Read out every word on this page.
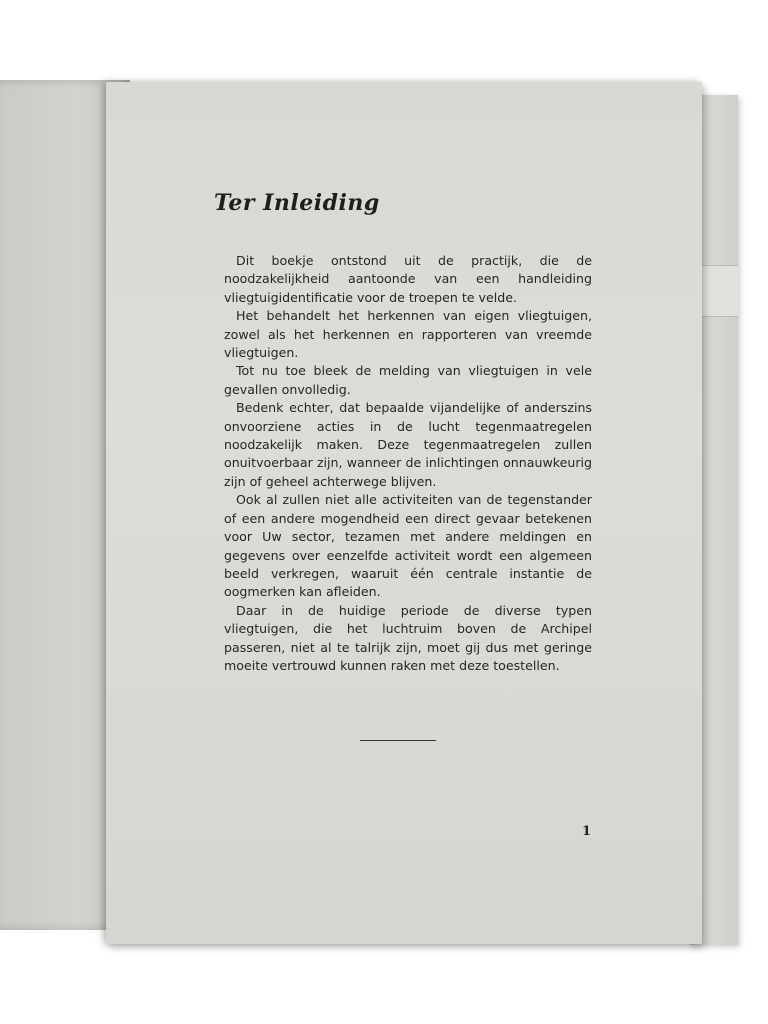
Ter Inleiding

Dit boekje ontstond uit de practijk, die de noodzakelijkheid aantoonde van een handleiding vliegtuigidentificatie voor de troepen te velde.

Het behandelt het herkennen van eigen vliegtuigen, zowel als het herkennen en rapporteren van vreemde vliegtuigen.

Tot nu toe bleek de melding van vliegtuigen in vele gevallen onvolledig.

Bedenk echter, dat bepaalde vijandelijke of anderszins onvoorziene acties in de lucht tegenmaatregelen noodzakelijk maken. Deze tegenmaatregelen zullen onuitvoerbaar zijn, wanneer de inlichtingen onnauwkeurig zijn of geheel achterwege blijven.

Ook al zullen niet alle activiteiten van de tegenstander of een andere mogendheid een direct gevaar betekenen voor Uw sector, tezamen met andere meldingen en gegevens over eenzelfde activiteit wordt een algemeen beeld verkregen, waaruit één centrale instantie de oogmerken kan afleiden.

Daar in de huidige periode de diverse typen vliegtuigen, die het luchtruim boven de Archipel passeren, niet al te talrijk zijn, moet gij dus met geringe moeite vertrouwd kunnen raken met deze toestellen.

1
